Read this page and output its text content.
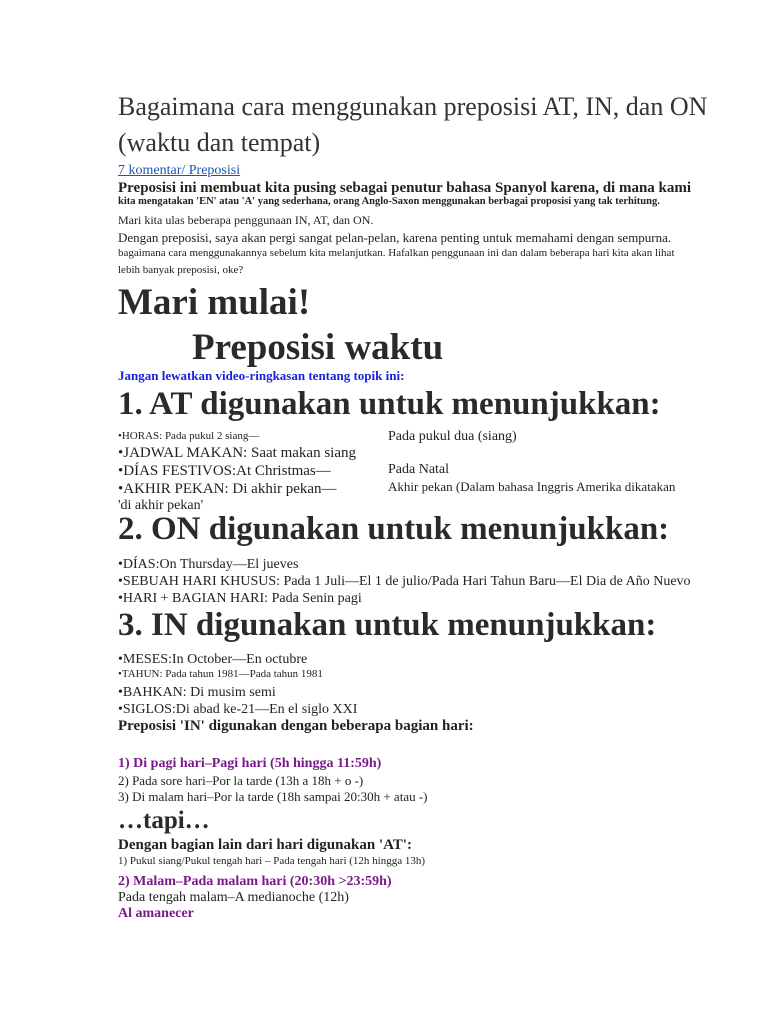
Bagaimana cara menggunakan preposisi AT, IN, dan ON
(waktu dan tempat)
7 komentar/ Preposisi
Preposisi ini membuat kita pusing sebagai penutur bahasa Spanyol karena, di mana kami
kita mengatakan 'EN' atau 'A' yang sederhana, orang Anglo-Saxon menggunakan berbagai proposisi yang tak terhitung.
Mari kita ulas beberapa penggunaan IN, AT, dan ON.
Dengan preposisi, saya akan pergi sangat pelan-pelan, karena penting untuk memahami dengan sempurna.
bagaimana cara menggunakannya sebelum kita melanjutkan. Hafalkan penggunaan ini dan dalam beberapa hari kita akan lihat
lebih banyak preposisi, oke?
Mari mulai!
Preposisi waktu
Jangan lewatkan video-ringkasan tentang topik ini:
1. AT digunakan untuk menunjukkan:
•HORAS: Pada pukul 2 siang—
•JADWAL MAKAN: Saat makan siang
•DÍAS FESTIVOS:At Christmas—
•AKHIR PEKAN: Di akhir pekan—
'di akhir pekan'
Pada pukul dua (siang)
Pada Natal
Akhir pekan (Dalam bahasa Inggris Amerika dikatakan
2. ON digunakan untuk menunjukkan:
•DÍAS:On Thursday—El jueves
•SEBUAH HARI KHUSUS: Pada 1 Juli—El 1 de julio/Pada Hari Tahun Baru—El Dia de Año Nuevo
•HARI + BAGIAN HARI: Pada Senin pagi
3. IN digunakan untuk menunjukkan:
•MESES:In October—En octubre
•TAHUN: Pada tahun 1981—Pada tahun 1981
•BAHKAN: Di musim semi
•SIGLOS:Di abad ke-21—En el siglo XXI
Preposisi 'IN' digunakan dengan beberapa bagian hari:
1) Di pagi hari–Pagi hari (5h hingga 11:59h)
2) Pada sore hari–Por la tarde (13h a 18h + o -)
3) Di malam hari–Por la tarde (18h sampai 20:30h + atau -)
…tapi…
Dengan bagian lain dari hari digunakan 'AT':
1) Pukul siang/Pukul tengah hari – Pada tengah hari (12h hingga 13h)
2) Malam–Pada malam hari (20:30h >23:59h)
Pada tengah malam–A medianoche (12h)
Al amanecer
